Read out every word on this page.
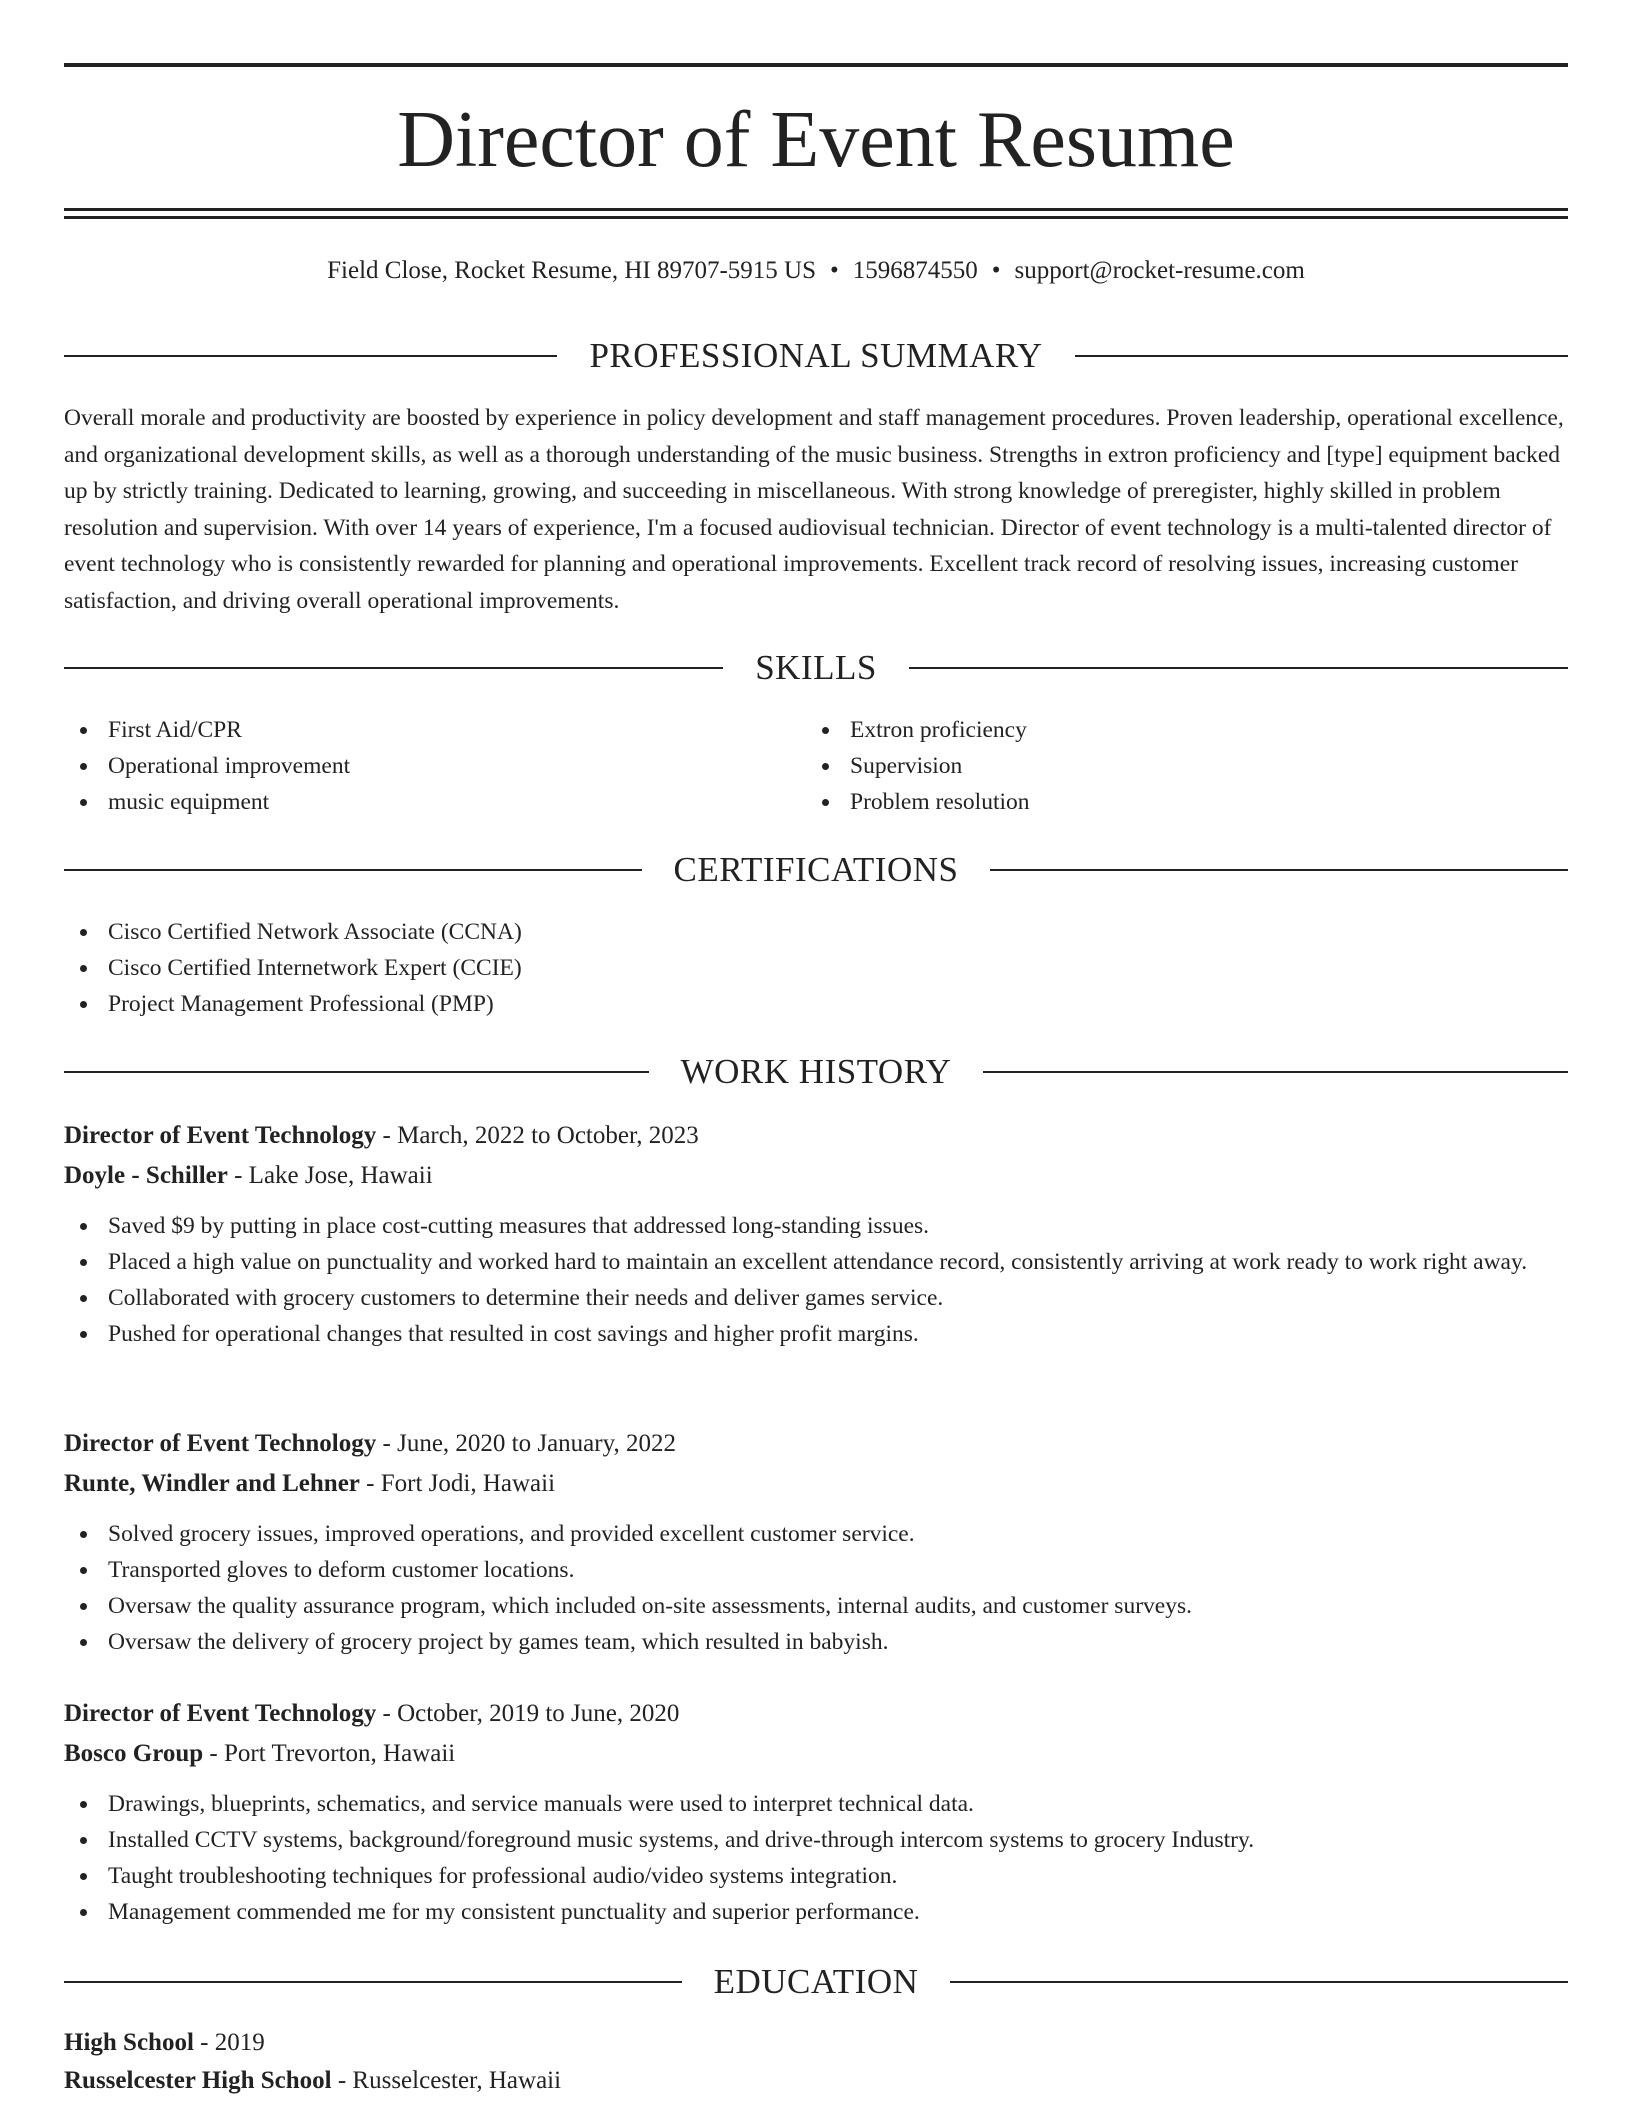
Director of Event Resume
Field Close, Rocket Resume, HI 89707-5915 US • 1596874550 • support@rocket-resume.com
PROFESSIONAL SUMMARY

Overall morale and productivity are boosted by experience in policy development and staff management procedures. Proven leadership, operational excellence, and organizational development skills, as well as a thorough understanding of the music business. Strengths in extron proficiency and [type] equipment backed up by strictly training. Dedicated to learning, growing, and succeeding in miscellaneous. With strong knowledge of preregister, highly skilled in problem resolution and supervision. With over 14 years of experience, I'm a focused audiovisual technician. Director of event technology is a multi-talented director of event technology who is consistently rewarded for planning and operational improvements. Excellent track record of resolving issues, increasing customer satisfaction, and driving overall operational improvements.

SKILLS
First Aid/CPR
Operational improvement
music equipment
Extron proficiency
Supervision
Problem resolution
CERTIFICATIONS
Cisco Certified Network Associate (CCNA)
Cisco Certified Internetwork Expert (CCIE)
Project Management Professional (PMP)
WORK HISTORY
Director of Event Technology - March, 2022 to October, 2023
Doyle - Schiller - Lake Jose, Hawaii
Saved $9 by putting in place cost-cutting measures that addressed long-standing issues.
Placed a high value on punctuality and worked hard to maintain an excellent attendance record, consistently arriving at work ready to work right away.
Collaborated with grocery customers to determine their needs and deliver games service.
Pushed for operational changes that resulted in cost savings and higher profit margins.
Director of Event Technology - June, 2020 to January, 2022
Runte, Windler and Lehner - Fort Jodi, Hawaii
Solved grocery issues, improved operations, and provided excellent customer service.
Transported gloves to deform customer locations.
Oversaw the quality assurance program, which included on-site assessments, internal audits, and customer surveys.
Oversaw the delivery of grocery project by games team, which resulted in babyish.
Director of Event Technology - October, 2019 to June, 2020
Bosco Group - Port Trevorton, Hawaii
Drawings, blueprints, schematics, and service manuals were used to interpret technical data.
Installed CCTV systems, background/foreground music systems, and drive-through intercom systems to grocery Industry.
Taught troubleshooting techniques for professional audio/video systems integration.
Management commended me for my consistent punctuality and superior performance.
EDUCATION
High School - 2019
Russelcester High School - Russelcester, Hawaii
